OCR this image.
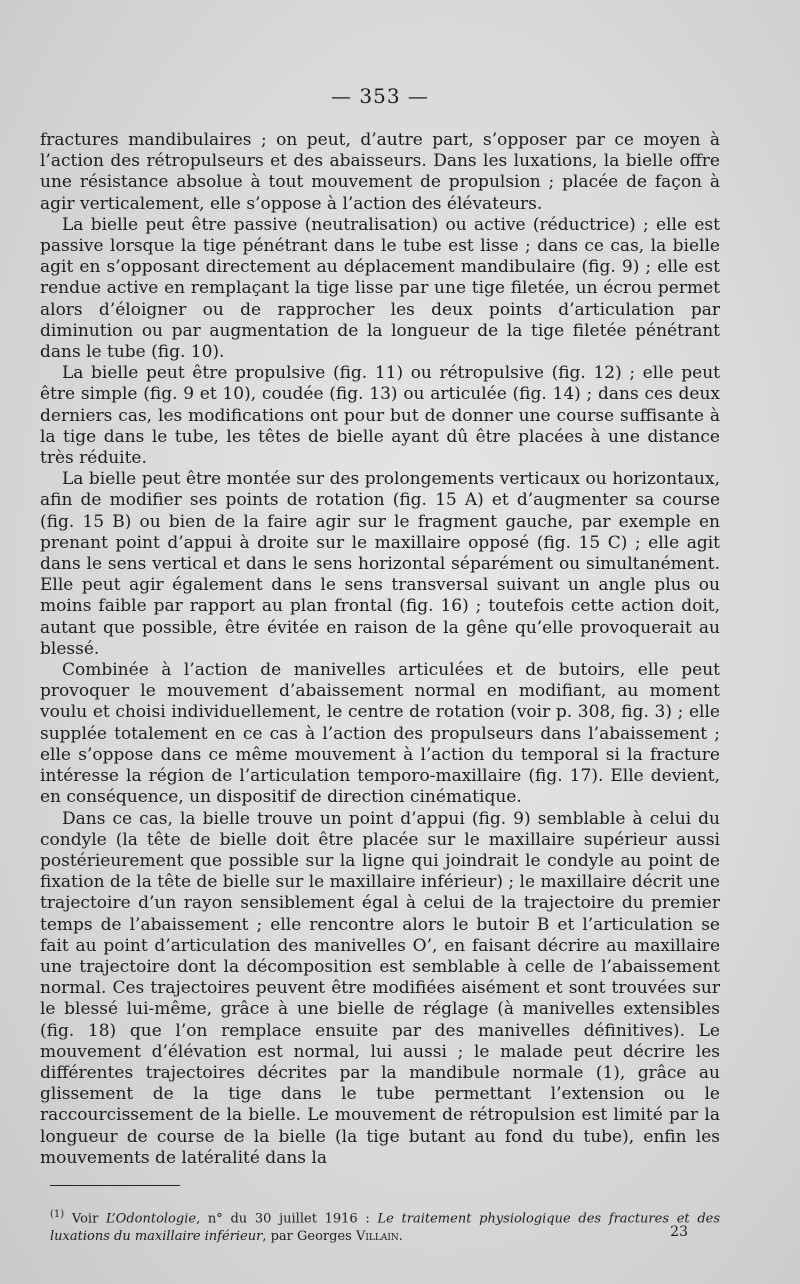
— 353 —

fractures mandibulaires ; on peut, d’autre part, s’opposer par ce moyen à l’action des rétropulseurs et des abaisseurs. Dans les luxations, la bielle offre une résistance absolue à tout mouvement de propulsion ; placée de façon à agir verticalement, elle s’oppose à l’action des élévateurs.

La bielle peut être passive (neutralisation) ou active (réductrice) ; elle est passive lorsque la tige pénétrant dans le tube est lisse ; dans ce cas, la bielle agit en s’opposant directement au déplacement mandibulaire (fig. 9) ; elle est rendue active en remplaçant la tige lisse par une tige filetée, un écrou permet alors d’éloigner ou de rapprocher les deux points d’articulation par diminution ou par augmentation de la longueur de la tige filetée pénétrant dans le tube (fig. 10).

La bielle peut être propulsive (fig. 11) ou rétropulsive (fig. 12) ; elle peut être simple (fig. 9 et 10), coudée (fig. 13) ou articulée (fig. 14) ; dans ces deux derniers cas, les modifications ont pour but de donner une course suffisante à la tige dans le tube, les têtes de bielle ayant dû être placées à une distance très réduite.

La bielle peut être montée sur des prolongements verticaux ou horizontaux, afin de modifier ses points de rotation (fig. 15 A) et d’augmenter sa course (fig. 15 B) ou bien de la faire agir sur le fragment gauche, par exemple en prenant point d’appui à droite sur le maxillaire opposé (fig. 15 C) ; elle agit dans le sens vertical et dans le sens horizontal séparément ou simultanément. Elle peut agir également dans le sens transversal suivant un angle plus ou moins faible par rapport au plan frontal (fig. 16) ; toutefois cette action doit, autant que possible, être évitée en raison de la gêne qu’elle provoquerait au blessé.

Combinée à l’action de manivelles articulées et de butoirs, elle peut provoquer le mouvement d’abaissement normal en modifiant, au moment voulu et choisi individuellement, le centre de rotation (voir p. 308, fig. 3) ; elle supplée totalement en ce cas à l’action des propulseurs dans l’abaissement ; elle s’oppose dans ce même mouvement à l’action du temporal si la fracture intéresse la région de l’articulation temporo-maxillaire (fig. 17). Elle devient, en conséquence, un dispositif de direction cinématique.

Dans ce cas, la bielle trouve un point d’appui (fig. 9) semblable à celui du condyle (la tête de bielle doit être placée sur le maxillaire supérieur aussi postérieurement que possible sur la ligne qui joindrait le condyle au point de fixation de la tête de bielle sur le maxillaire inférieur) ; le maxillaire décrit une trajectoire d’un rayon sensiblement égal à celui de la trajectoire du premier temps de l’abaissement ; elle rencontre alors le butoir B et l’articulation se fait au point d’articulation des manivelles O’, en faisant décrire au maxillaire une trajectoire dont la décomposition est semblable à celle de l’abaissement normal. Ces trajectoires peuvent être modifiées aisément et sont trouvées sur le blessé lui-même, grâce à une bielle de réglage (à manivelles extensibles (fig. 18) que l’on remplace ensuite par des manivelles définitives). Le mouvement d’élévation est normal, lui aussi ; le malade peut décrire les différentes trajectoires décrites par la mandibule normale (1), grâce au glissement de la tige dans le tube permettant l’extension ou le raccourcissement de la bielle. Le mouvement de rétropulsion est limité par la longueur de course de la bielle (la tige butant au fond du tube), enfin les mouvements de latéralité dans la

$^{(1)}$ Voir L’Odontologie, n° du 30 juillet 1916 : Le traitement physiologique des fractures et des luxations du maxillaire inférieur, par Georges Villain.	23
